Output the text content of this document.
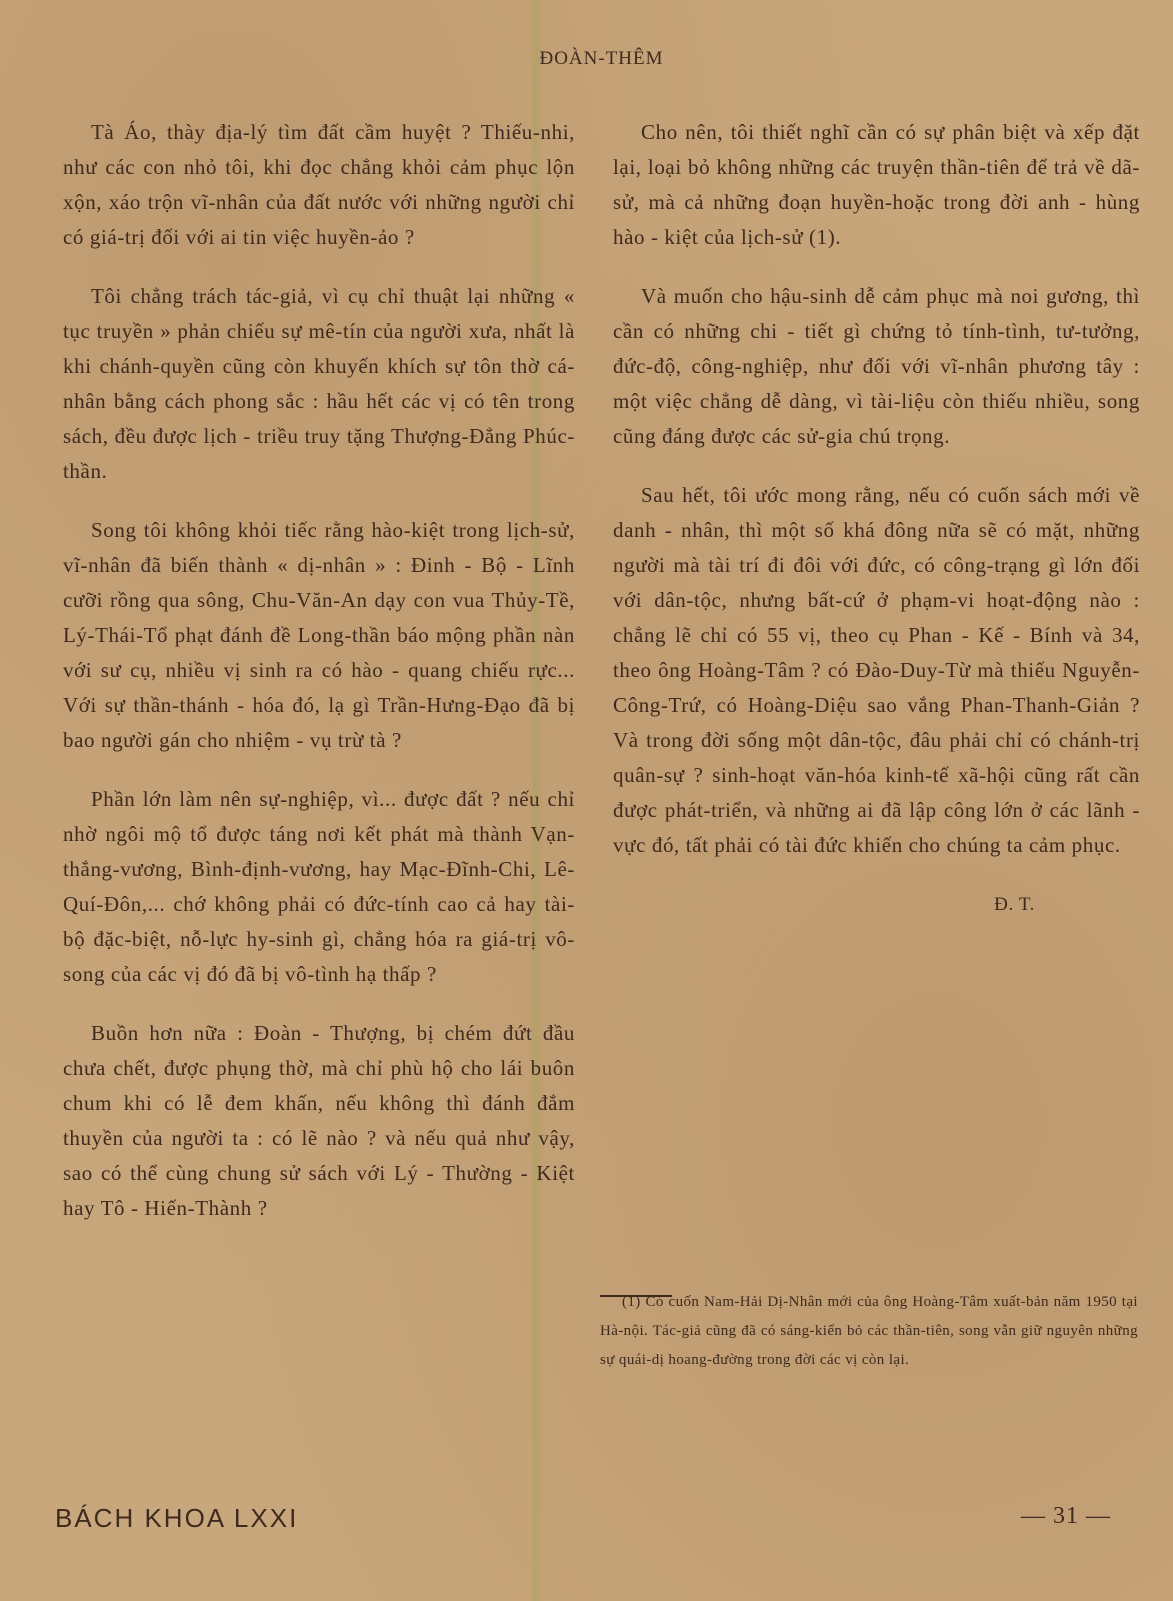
ĐOÀN-THÊM

Tà Áo, thày địa-lý tìm đất cầm huyệt ? Thiếu-nhi, như các con nhỏ tôi, khi đọc chẳng khỏi cảm phục lộn xộn, xáo trộn vĩ-nhân của đất nước với những người chỉ có giá-trị đối với ai tin việc huyền-ảo ?

Tôi chẳng trách tác-giả, vì cụ chỉ thuật lại những « tục truyền » phản chiếu sự mê-tín của người xưa, nhất là khi chánh-quyền cũng còn khuyến khích sự tôn thờ cá-nhân bằng cách phong sắc : hầu hết các vị có tên trong sách, đều được lịch - triều truy tặng Thượng-Đẳng Phúc-thần.

Song tôi không khỏi tiếc rằng hào-kiệt trong lịch-sử, vĩ-nhân đã biến thành « dị-nhân » : Đinh - Bộ - Lĩnh cưỡi rồng qua sông, Chu-Văn-An dạy con vua Thủy-Tề, Lý-Thái-Tổ phạt đánh đề Long-thần báo mộng phần nàn với sư cụ, nhiều vị sinh ra có hào - quang chiếu rực... Với sự thần-thánh - hóa đó, lạ gì Trần-Hưng-Đạo đã bị bao người gán cho nhiệm - vụ trừ tà ?

Phần lớn làm nên sự-nghiệp, vì... được đất ? nếu chỉ nhờ ngôi mộ tổ được táng nơi kết phát mà thành Vạn-thắng-vương, Bình-định-vương, hay Mạc-Đĩnh-Chi, Lê-Quí-Đôn,... chớ không phải có đức-tính cao cả hay tài-bộ đặc-biệt, nỗ-lực hy-sinh gì, chẳng hóa ra giá-trị vô-song của các vị đó đã bị vô-tình hạ thấp ?

Buồn hơn nữa : Đoàn - Thượng, bị chém đứt đầu chưa chết, được phụng thờ, mà chỉ phù hộ cho lái buôn chum khi có lễ đem khấn, nếu không thì đánh đắm thuyền của người ta : có lẽ nào ? và nếu quả như vậy, sao có thể cùng chung sử sách với Lý - Thường - Kiệt hay Tô - Hiến-Thành ?

Cho nên, tôi thiết nghĩ cần có sự phân biệt và xếp đặt lại, loại bỏ không những các truyện thần-tiên để trả về dã-sử, mà cả những đoạn huyền-hoặc trong đời anh - hùng hào - kiệt của lịch-sử (1).

Và muốn cho hậu-sinh dễ cảm phục mà noi gương, thì cần có những chi - tiết gì chứng tỏ tính-tình, tư-tưởng, đức-độ, công-nghiệp, như đối với vĩ-nhân phương tây : một việc chẳng dễ dàng, vì tài-liệu còn thiếu nhiều, song cũng đáng được các sử-gia chú trọng.

Sau hết, tôi ước mong rằng, nếu có cuốn sách mới về danh - nhân, thì một số khá đông nữa sẽ có mặt, những người mà tài trí đi đôi với đức, có công-trạng gì lớn đối với dân-tộc, nhưng bất-cứ ở phạm-vi hoạt-động nào : chẳng lẽ chỉ có 55 vị, theo cụ Phan - Kế - Bính và 34, theo ông Hoàng-Tâm ? có Đào-Duy-Từ mà thiếu Nguyễn-Công-Trứ, có Hoàng-Diệu sao vắng Phan-Thanh-Giản ? Và trong đời sống một dân-tộc, đâu phải chỉ có chánh-trị quân-sự ? sinh-hoạt văn-hóa kinh-tế xã-hội cũng rất cần được phát-triển, và những ai đã lập công lớn ở các lãnh - vực đó, tất phải có tài đức khiến cho chúng ta cảm phục.

Đ. T.

(1) Có cuốn Nam-Hải Dị-Nhân mới của ông Hoàng-Tâm xuất-bản năm 1950 tại Hà-nội. Tác-giả cũng đã có sáng-kiến bỏ các thần-tiên, song vẫn giữ nguyên những sự quái-dị hoang-đường trong đời các vị còn lại.

BÁCH KHOA LXXI	— 31 —
